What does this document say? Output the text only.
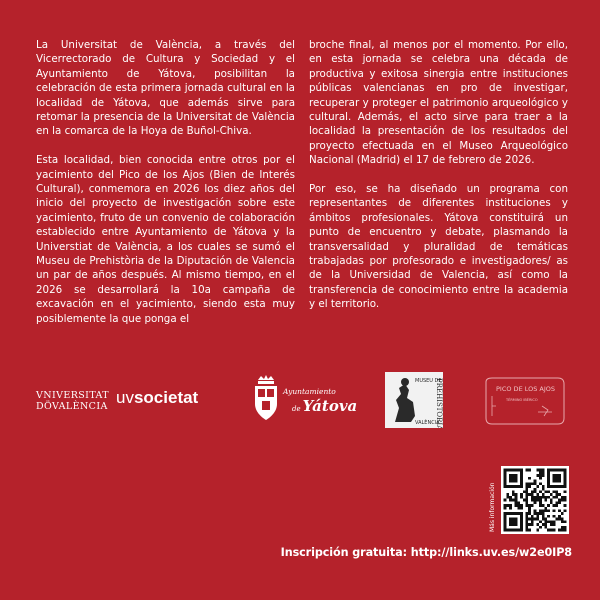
La Universitat de València, a través del Vicerrectorado de Cultura y Sociedad y el Ayuntamiento de Yátova, posibilitan la celebración de esta primera jornada cultural en la localidad de Yátova, que además sirve para retomar la presencia de la Universitat de València en la comarca de la Hoya de Buñol-Chiva.

Esta localidad, bien conocida entre otros por el yacimiento del Pico de los Ajos (Bien de Interés Cultural), conmemora en 2026 los diez años del inicio del proyecto de investigación sobre este yacimiento, fruto de un convenio de colaboración establecido entre Ayuntamiento de Yátova y la Universtiat de València, a los cuales se sumó el Museu de Prehistòria de la Diputación de Valencia un par de años después. Al mismo tiempo, en el 2026 se desarrollará la 10a campaña de excavación en el yacimiento, siendo esta muy posiblemente la que ponga el

broche final, al menos por el momento. Por ello, en esta jornada se celebra una década de productiva y exitosa sinergia entre instituciones públicas valencianas en pro de investigar, recuperar y proteger el patrimonio arqueológico y cultural. Además, el acto sirve para traer a la localidad la presentación de los resultados del proyecto efectuada en el Museo Arqueológico Nacional (Madrid) el 17 de febrero de 2026.

Por eso, se ha diseñado un programa con representantes de diferentes instituciones y ámbitos profesionales. Yátova constituirá un punto de encuentro y debate, plasmando la transversalidad y pluralidad de temáticas trabajadas por profesorado e investigadores/ as de la Universidad de Valencia, así como la transferencia de conocimiento entre la academia y el territorio.

VNIVERSITAT
DÖVALÈNCIA uvsocietat	Ayuntamiento
de Yátova
MUSEU DE
PREHISTÒRIA
VALÈNCIA
PICO DE LOS AJOS
TÉRMINO IBÉRICO
Más información
Inscripción gratuita: http://links.uv.es/w2e0IP8
